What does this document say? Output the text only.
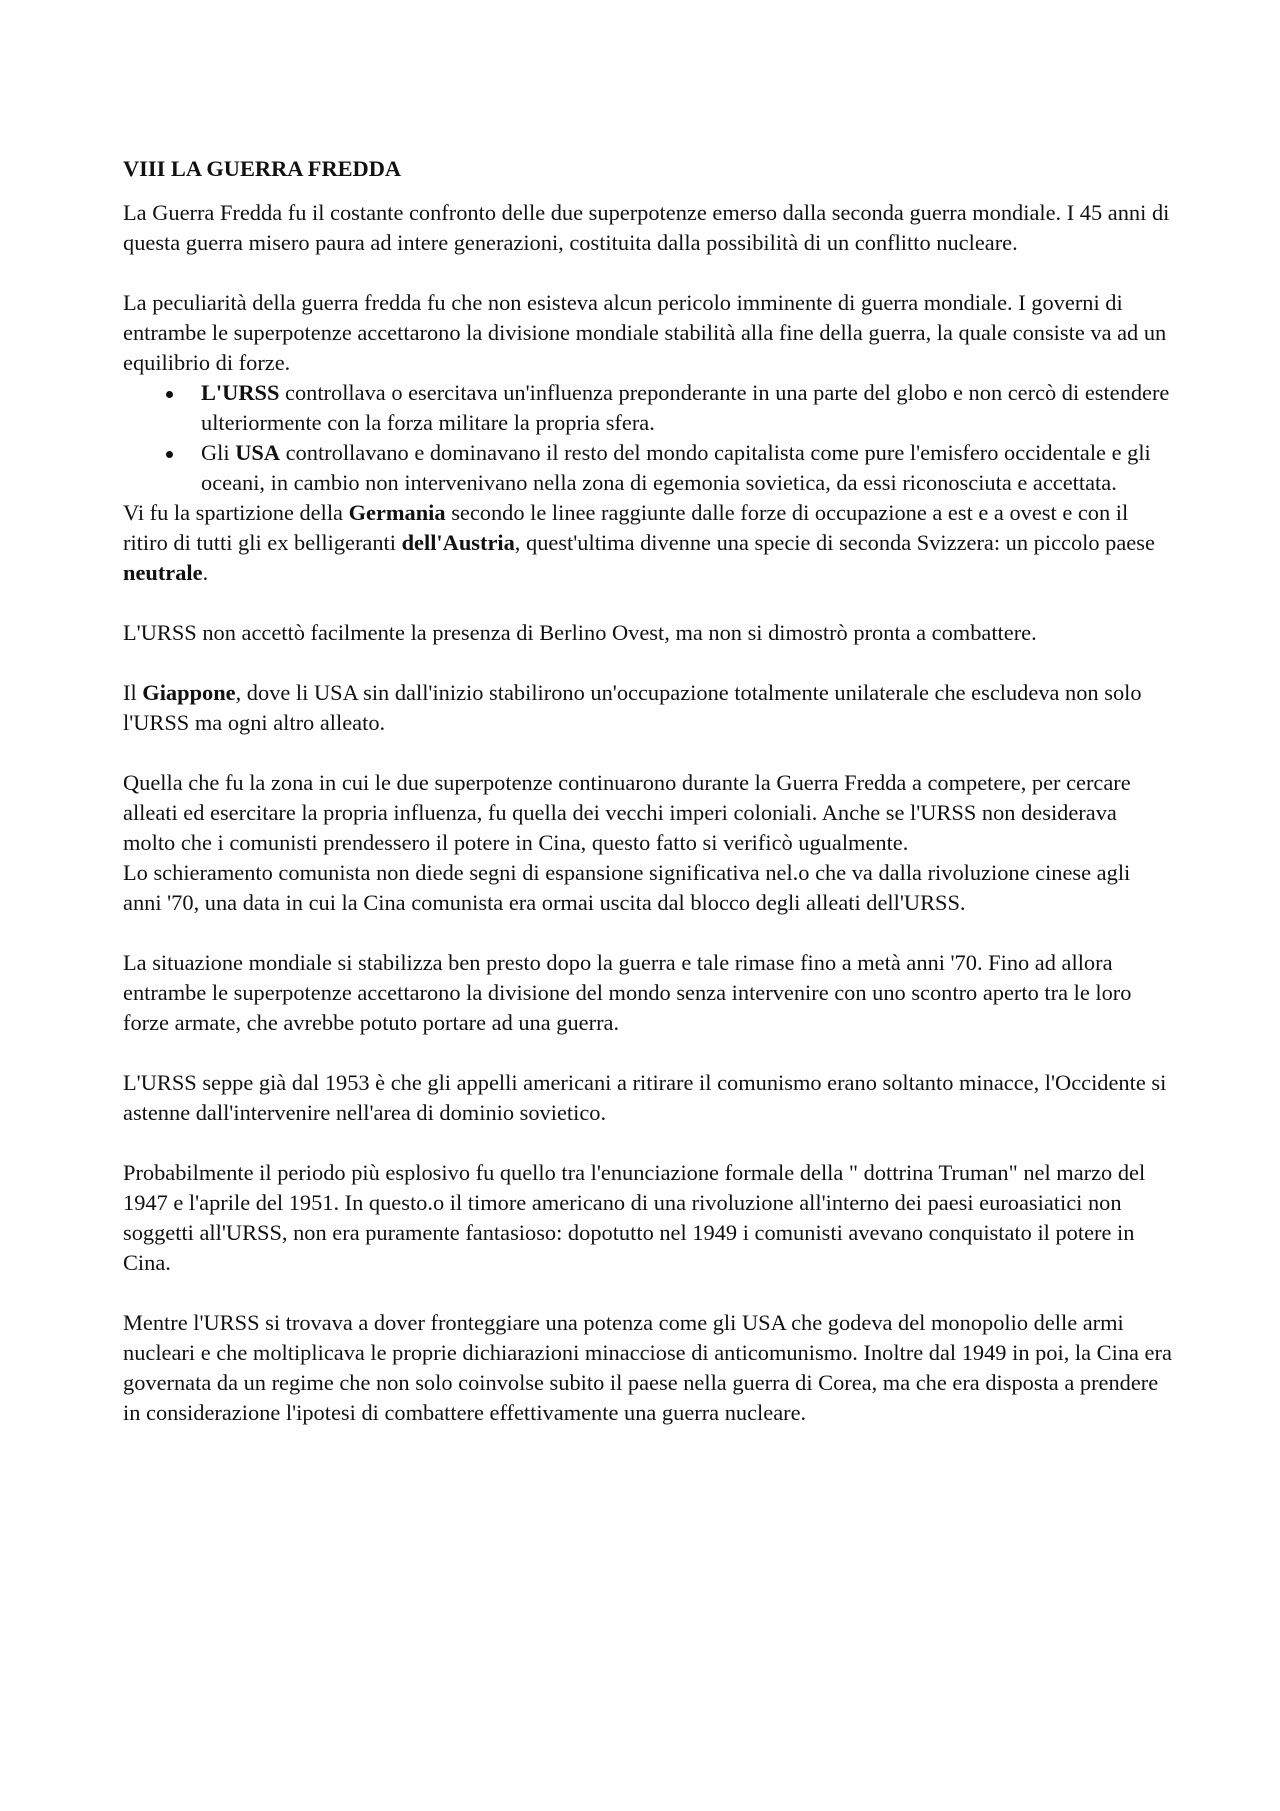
VIII LA GUERRA FREDDA

La Guerra Fredda fu il costante confronto delle due superpotenze emerso dalla seconda guerra mondiale. I 45 anni di questa guerra misero paura ad intere generazioni, costituita dalla possibilità di un conflitto nucleare.

La peculiarità della guerra fredda fu che non esisteva alcun pericolo imminente di guerra mondiale. I governi di entrambe le superpotenze accettarono la divisione mondiale stabilità alla fine della guerra, la quale consiste va ad un equilibrio di forze.

L'URSS controllava o esercitava un'influenza preponderante in una parte del globo e non cercò di estendere ulteriormente con la forza militare la propria sfera.
Gli USA controllavano e dominavano il resto del mondo capitalista come pure l'emisfero occidentale e gli oceani, in cambio non intervenivano nella zona di egemonia sovietica, da essi riconosciuta e accettata.

Vi fu la spartizione della Germania secondo le linee raggiunte dalle forze di occupazione a est e a ovest e con il ritiro di tutti gli ex belligeranti dell'Austria, quest'ultima divenne una specie di seconda Svizzera: un piccolo paese neutrale.

L'URSS non accettò facilmente la presenza di Berlino Ovest, ma non si dimostrò pronta a combattere.

Il Giappone, dove li USA sin dall'inizio stabilirono un'occupazione totalmente unilaterale che escludeva non solo l'URSS ma ogni altro alleato.

Quella che fu la zona in cui le due superpotenze continuarono durante la Guerra Fredda a competere, per cercare alleati ed esercitare la propria influenza, fu quella dei vecchi imperi coloniali. Anche se l'URSS non desiderava molto che i comunisti prendessero il potere in Cina, questo fatto si verificò ugualmente.

Lo schieramento comunista non diede segni di espansione significativa nel.o che va dalla rivoluzione cinese agli anni '70, una data in cui la Cina comunista era ormai uscita dal blocco degli alleati dell'URSS.

La situazione mondiale si stabilizza ben presto dopo la guerra e tale rimase fino a metà anni '70. Fino ad allora entrambe le superpotenze accettarono la divisione del mondo senza intervenire con uno scontro aperto tra le loro forze armate, che avrebbe potuto portare ad una guerra.

L'URSS seppe già dal 1953 è che gli appelli americani a ritirare il comunismo erano soltanto minacce, l'Occidente si astenne dall'intervenire nell'area di dominio sovietico.

Probabilmente il periodo più esplosivo fu quello tra l'enunciazione formale della " dottrina Truman" nel marzo del 1947 e l'aprile del 1951. In questo.o il timore americano di una rivoluzione all'interno dei paesi euroasiatici non soggetti all'URSS, non era puramente fantasioso: dopotutto nel 1949 i comunisti avevano conquistato il potere in Cina.

Mentre l'URSS si trovava a dover fronteggiare una potenza come gli USA che godeva del monopolio delle armi nucleari e che moltiplicava le proprie dichiarazioni minacciose di anticomunismo. Inoltre dal 1949 in poi, la Cina era governata da un regime che non solo coinvolse subito il paese nella guerra di Corea, ma che era disposta a prendere in considerazione l'ipotesi di combattere effettivamente una guerra nucleare.
